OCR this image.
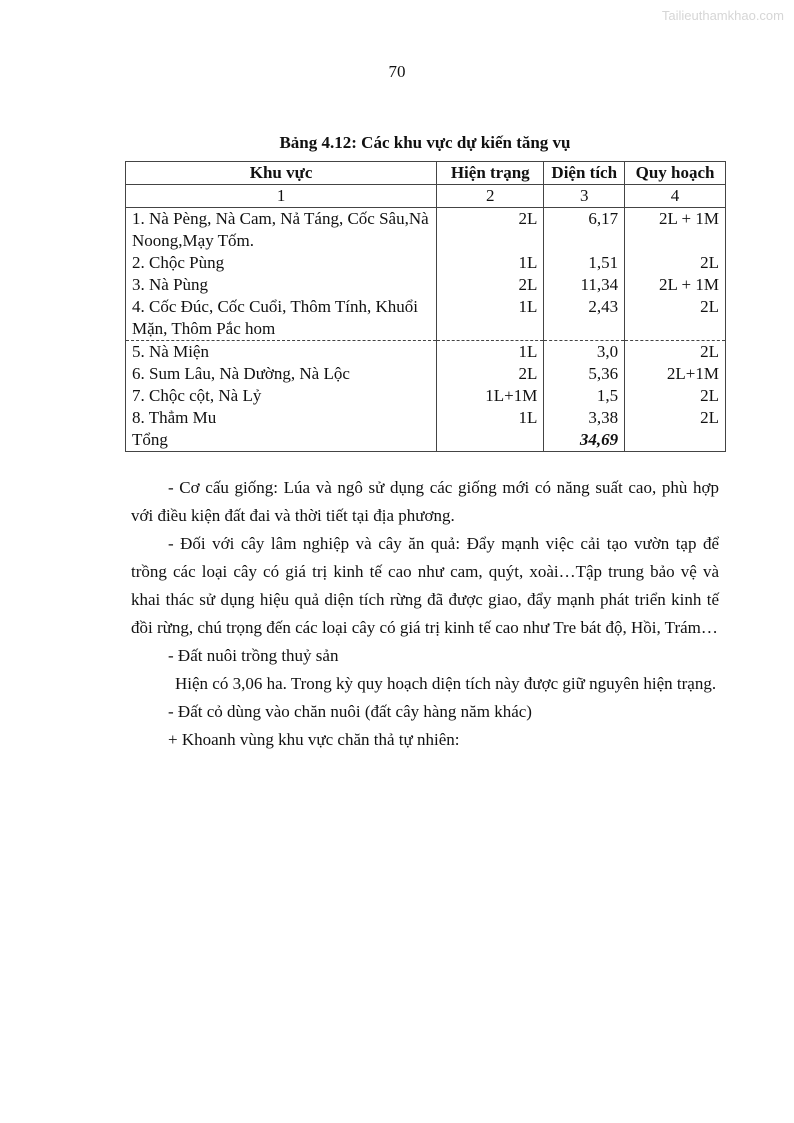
Tailieuthamkhao.com
70
Bảng 4.12: Các khu vực dự kiến tăng vụ
Khu vực	Hiện trạng	Diện tích	Quy hoạch
1	2	3	4
1. Nà Pèng, Nà Cam, Nả Táng, Cốc Sâu,Nà Noong,Mạy Tốm.	2L	6,17	2L + 1M
2. Chộc Pùng	1L	1,51	2L
3. Nà Pùng	2L	11,34	2L + 1M
4. Cốc Đúc, Cốc Cuổi, Thôm Tính, Khuổi Mặn, Thôm Pắc hom	1L	2,43	2L
5. Nà Miện	1L	3,0	2L
6. Sum Lâu, Nà Dường, Nà Lộc	2L	5,36	2L+1M
7. Chộc cột, Nà Lỷ	1L+1M	1,5	2L
8. Thẳm Mu	1L	3,38	2L
Tổng		34,69	

- Cơ cấu giống: Lúa và ngô sử dụng các giống mới có năng suất cao, phù hợp với điều kiện đất đai và thời tiết tại địa phương.

- Đối với cây lâm nghiệp và cây ăn quả: Đẩy mạnh việc cải tạo vườn tạp để trồng các loại cây có giá trị kinh tế cao như cam, quýt, xoài…Tập trung bảo vệ và khai thác sử dụng hiệu quả diện tích rừng đã được giao, đẩy mạnh phát triển kinh tế đồi rừng, chú trọng đến các loại cây có giá trị kinh tế cao như Tre bát độ, Hồi, Trám…

- Đất nuôi trồng thuỷ sản

Hiện có 3,06 ha. Trong kỳ quy hoạch diện tích này được giữ nguyên hiện trạng.

- Đất cỏ dùng vào chăn nuôi (đất cây hàng năm khác)

+ Khoanh vùng khu vực chăn thả tự nhiên:
